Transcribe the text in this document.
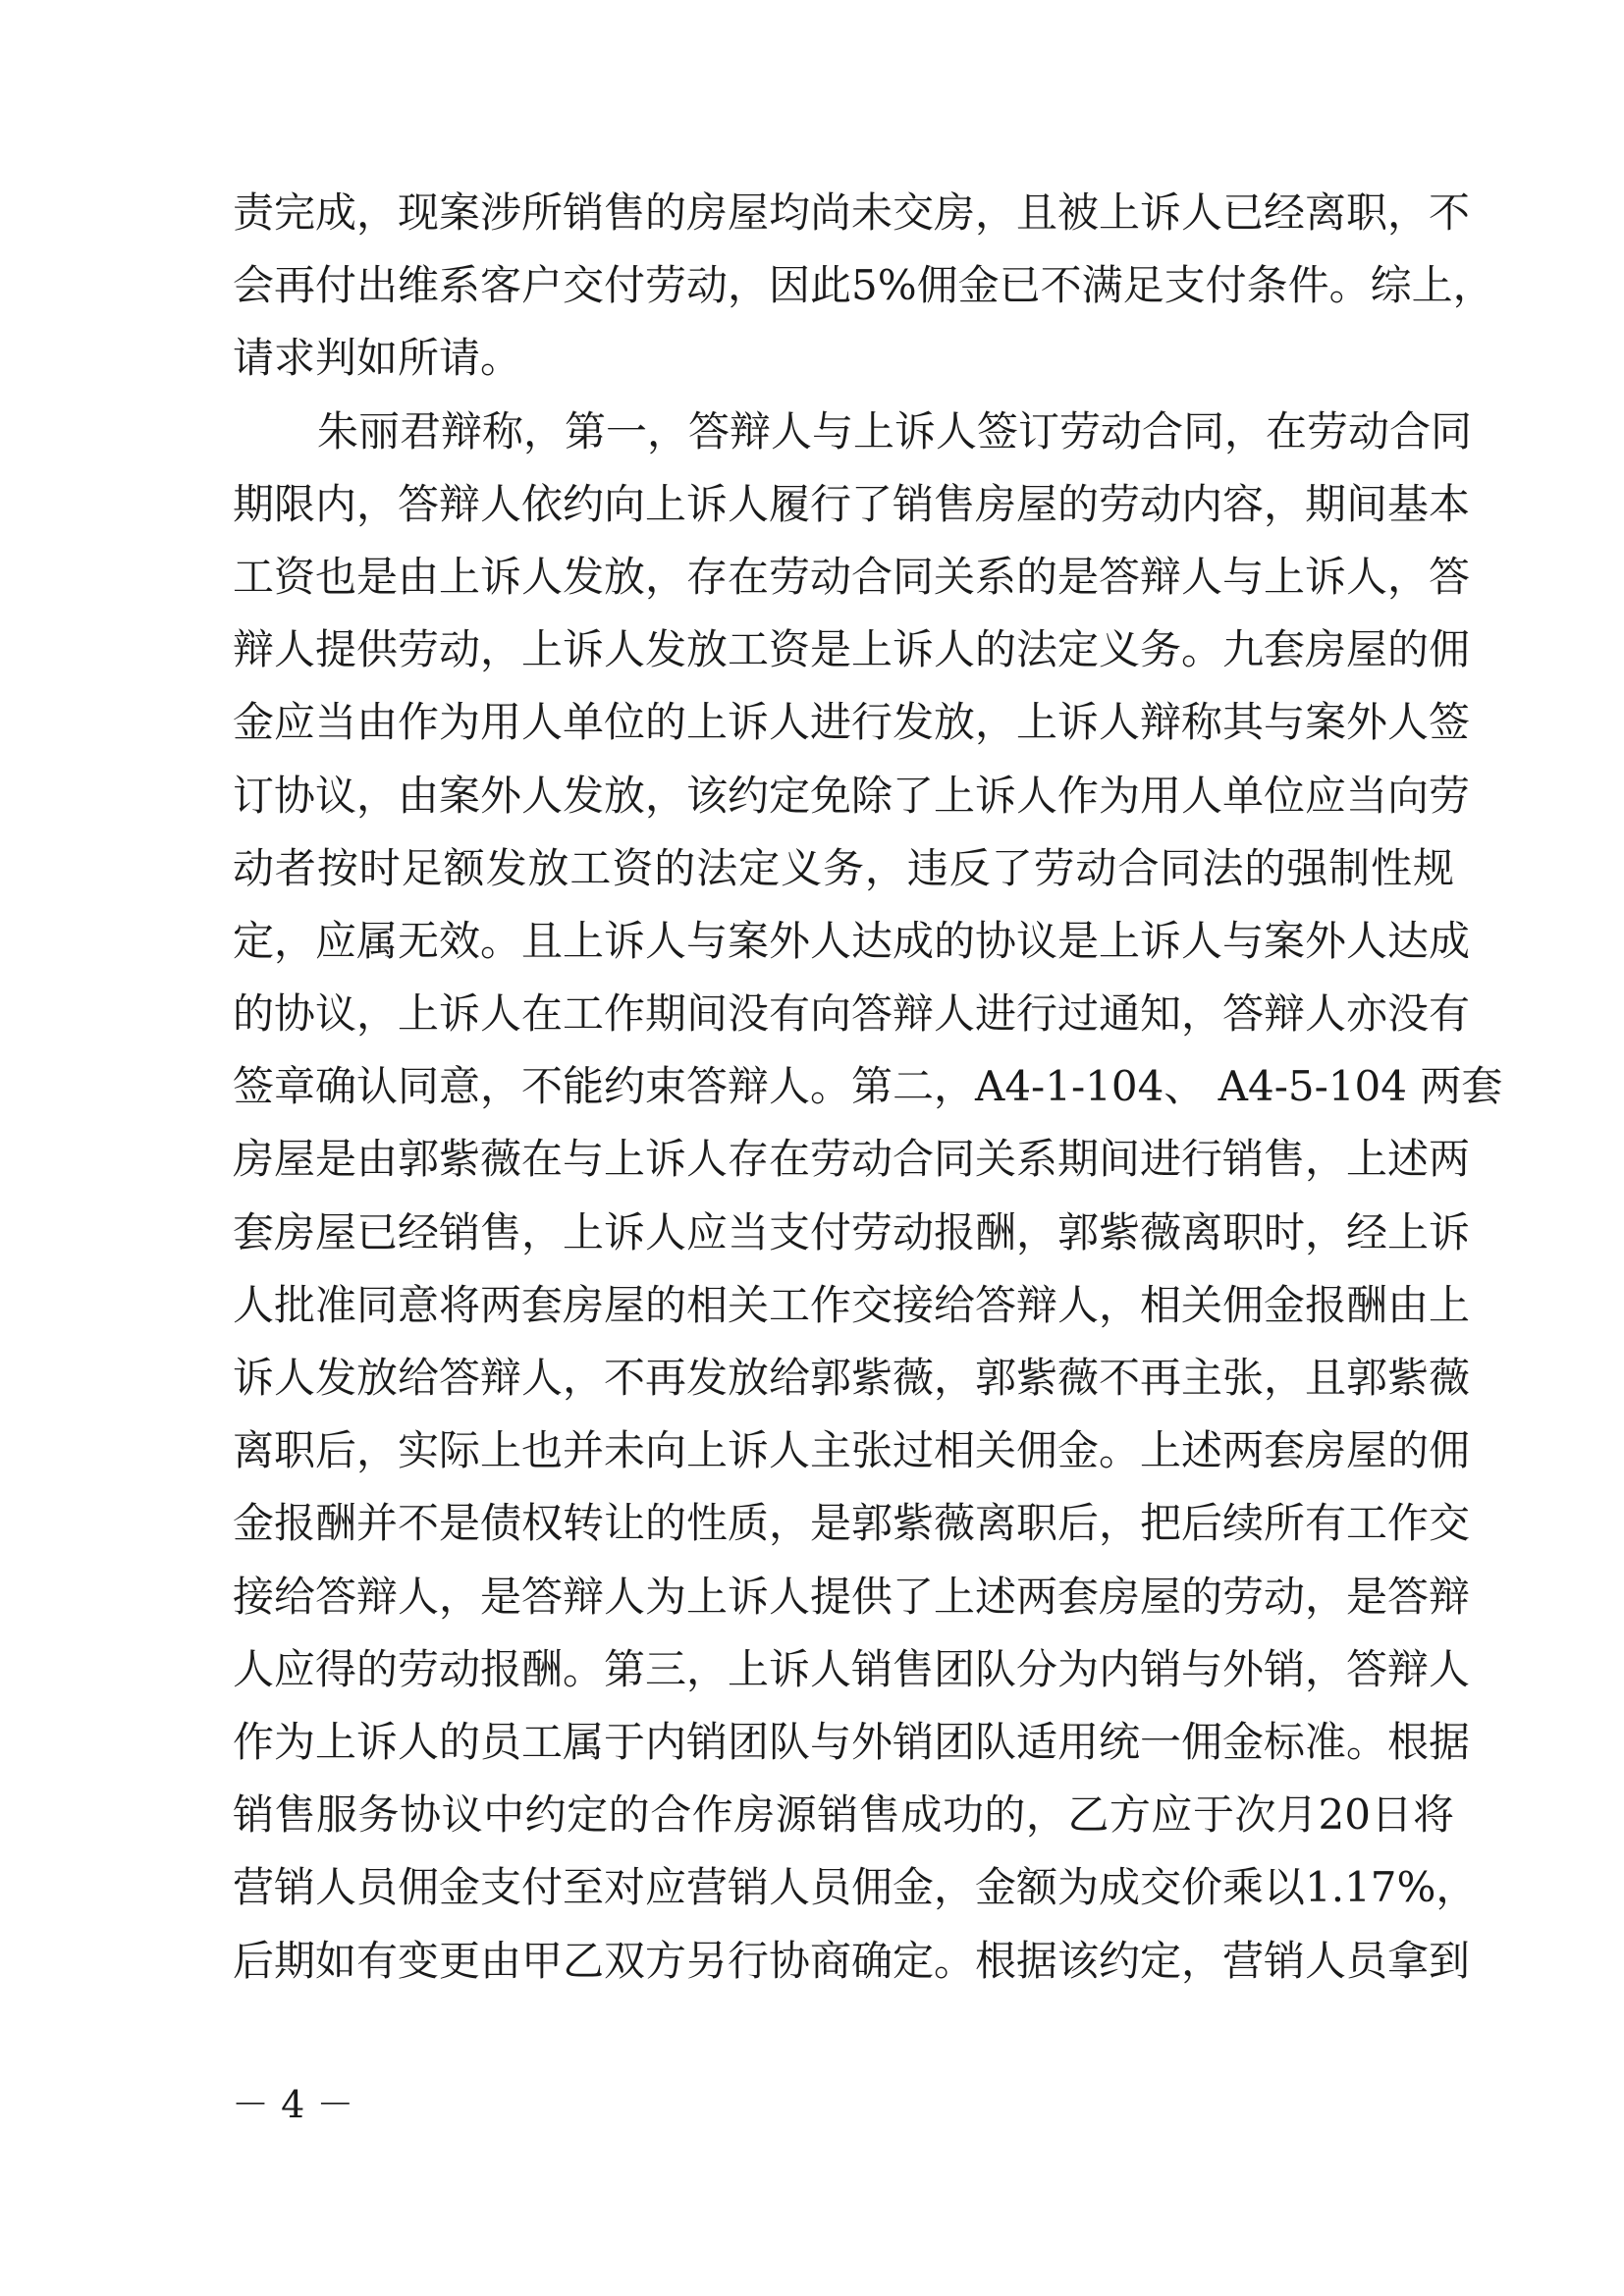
责完成，现案涉所销售的房屋均尚未交房，且被上诉人已经离职，不
会再付出维系客户交付劳动，因此5%佣金已不满足支付条件。综上，
请求判如所请。
朱丽君辩称，第一，答辩人与上诉人签订劳动合同，在劳动合同
期限内，答辩人依约向上诉人履行了销售房屋的劳动内容，期间基本
工资也是由上诉人发放，存在劳动合同关系的是答辩人与上诉人，答
辩人提供劳动，上诉人发放工资是上诉人的法定义务。九套房屋的佣
金应当由作为用人单位的上诉人进行发放，上诉人辩称其与案外人签
订协议，由案外人发放，该约定免除了上诉人作为用人单位应当向劳
动者按时足额发放工资的法定义务，违反了劳动合同法的强制性规
定，应属无效。且上诉人与案外人达成的协议是上诉人与案外人达成
的协议，上诉人在工作期间没有向答辩人进行过通知，答辩人亦没有
签章确认同意，不能约束答辩人。第二，A4-1-104、 A4-5-104 两套
房屋是由郭紫薇在与上诉人存在劳动合同关系期间进行销售，上述两
套房屋已经销售，上诉人应当支付劳动报酬，郭紫薇离职时，经上诉
人批准同意将两套房屋的相关工作交接给答辩人，相关佣金报酬由上
诉人发放给答辩人，不再发放给郭紫薇，郭紫薇不再主张，且郭紫薇
离职后，实际上也并未向上诉人主张过相关佣金。上述两套房屋的佣
金报酬并不是债权转让的性质，是郭紫薇离职后，把后续所有工作交
接给答辩人，是答辩人为上诉人提供了上述两套房屋的劳动，是答辩
人应得的劳动报酬。第三，上诉人销售团队分为内销与外销，答辩人
作为上诉人的员工属于内销团队与外销团队适用统一佣金标准。根据
销售服务协议中约定的合作房源销售成功的，乙方应于次月20日将
营销人员佣金支付至对应营销人员佣金，金额为成交价乘以1.17%，
后期如有变更由甲乙双方另行协商确定。根据该约定，营销人员拿到
－ 4 －
